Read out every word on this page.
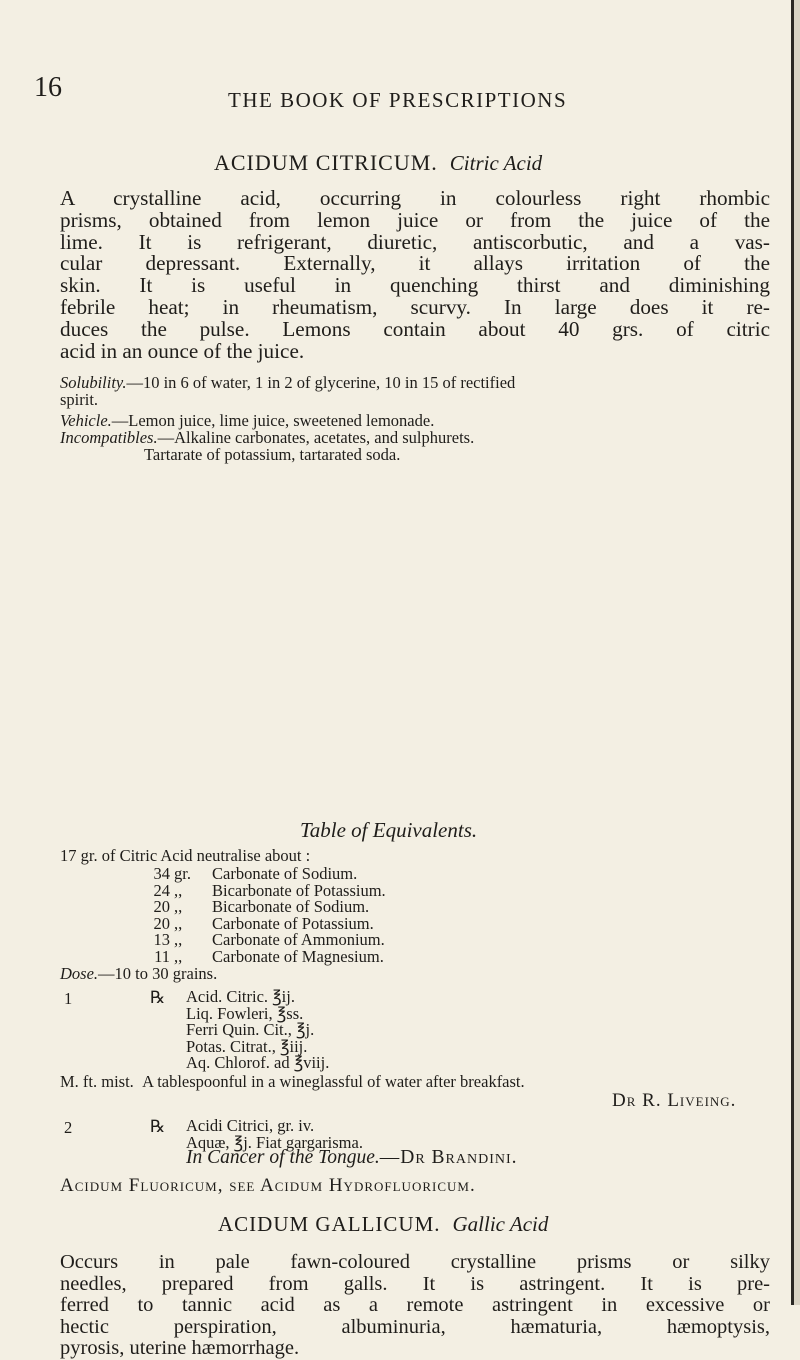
16	THE BOOK OF PRESCRIPTIONS
ACIDUM CITRICUM. Citric Acid
A crystalline acid, occurring in colourless right rhombic
prisms, obtained from lemon juice or from the juice of the
lime. It is refrigerant, diuretic, antiscorbutic, and a vas-
cular depressant. Externally, it allays irritation of the
skin. It is useful in quenching thirst and diminishing
febrile heat; in rheumatism, scurvy. In large does it re-
duces the pulse. Lemons contain about 40 grs. of citric
acid in an ounce of the juice.
Solubility.—10 in 6 of water, 1 in 2 of glycerine, 10 in 15 of rectified
spirit.
Vehicle.—Lemon juice, lime juice, sweetened lemonade.
Incompatibles.—Alkaline carbonates, acetates, and sulphurets.
Tartarate of potassium, tartarated soda.
Table of Equivalents.
17 gr. of Citric Acid neutralise about :
34 gr. Carbonate of Sodium.
24 ,, Bicarbonate of Potassium.
20 ,, Bicarbonate of Sodium.
20 ,, Carbonate of Potassium.
13 ,, Carbonate of Ammonium.
11 ,, Carbonate of Magnesium.
Dose.—10 to 30 grains.
1	℞ Acid. Citric. ℥ij.
Liq. Fowleri, ℥ss.
Ferri Quin. Cit., ℥j.
Potas. Citrat., ℥iij.
Aq. Chlorof. ad ℥viij.
M. ft. mist. A tablespoonful in a wineglassful of water after breakfast.
Dr R. Liveing.
2	℞ Acidi Citrici, gr. iv.
Aquæ, ℥j. Fiat gargarisma.
In Cancer of the Tongue.—Dr Brandini.
Acidum Fluoricum, see Acidum Hydrofluoricum.
ACIDUM GALLICUM. Gallic Acid
Occurs in pale fawn-coloured crystalline prisms or silky
needles, prepared from galls. It is astringent. It is pre-
ferred to tannic acid as a remote astringent in excessive or
hectic perspiration, albuminuria, hæmaturia, hæmoptysis,
pyrosis, uterine hæmorrhage.
